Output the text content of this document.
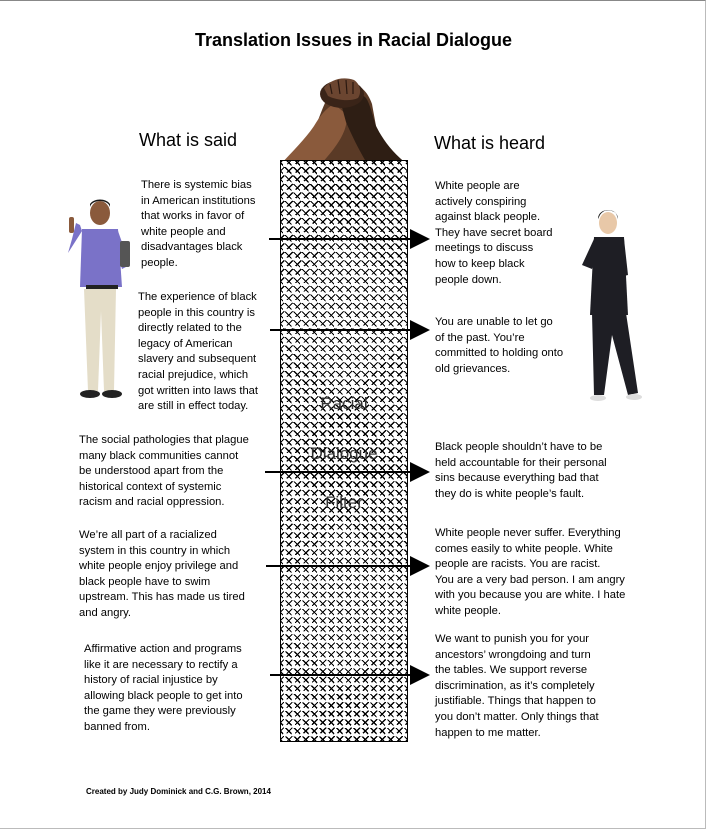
Translation Issues in Racial Dialogue
What is said	What is heard
Racial
Dialogue
Filter
There is systemic bias
in American institutions
that works in favor of
white people and
disadvantages black
people.
The experience of black
people in this country is
directly related to the
legacy of American
slavery and subsequent
racial prejudice, which
got written into laws that
are still in effect today.
The social pathologies that plague
many black communities cannot
be understood apart from the
historical context of systemic
racism and racial oppression.
We’re all part of a racialized
system in this country in which
white people enjoy privilege and
black people have to swim
upstream. This has made us tired
and angry.
Affirmative action and programs
like it are necessary to rectify a
history of racial injustice by
allowing black people to get into
the game they were previously
banned from.
White people are
actively conspiring
against black people.
They have secret board
meetings to discuss
how to keep black
people down.
You are unable to let go
of the past. You’re
committed to holding onto
old grievances.
Black people shouldn’t have to be
held accountable for their personal
sins because everything bad that
they do is white people’s fault.
White people never suffer. Everything
comes easily to white people. White
people are racists. You are racist.
You are a very bad person. I am angry
with you because you are white. I hate
white people.
We want to punish you for your
ancestors’ wrongdoing and turn
the tables. We support reverse
discrimination, as it’s completely
justifiable. Things that happen to
you don’t matter. Only things that
happen to me matter.
Created by Judy Dominick and C.G. Brown, 2014
